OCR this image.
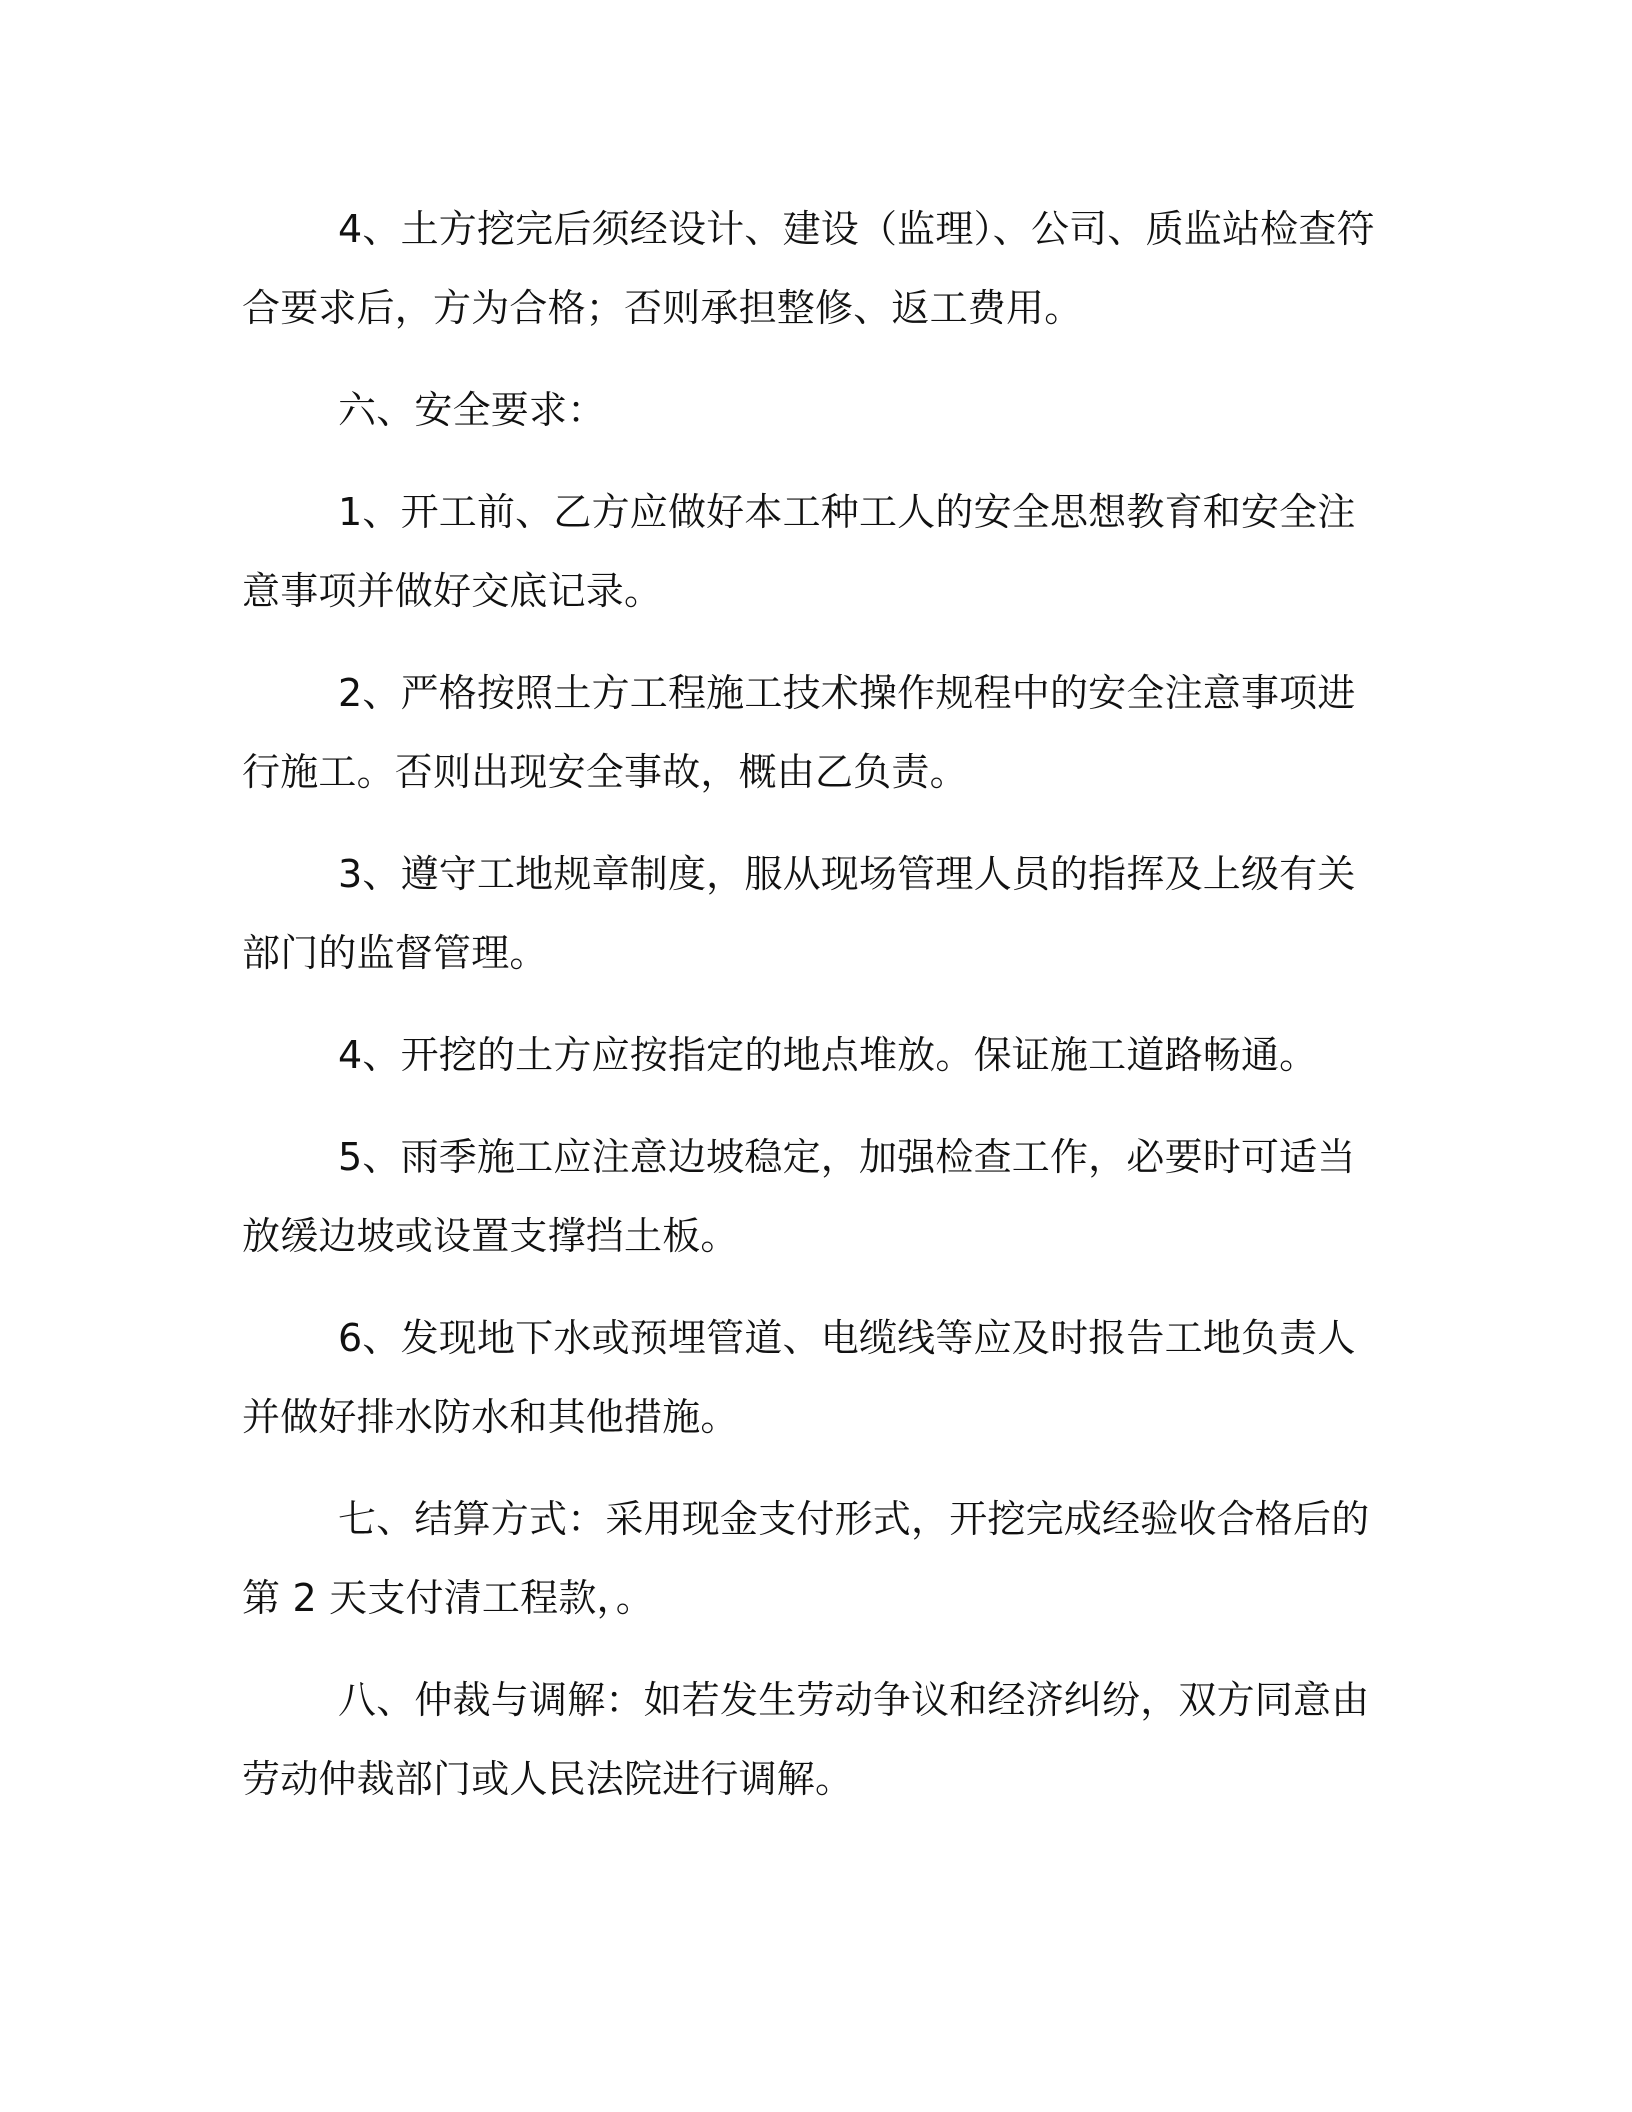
4、土方挖完后须经设计、建设（监理）、公司、质监站检查符合要求后，方为合格；否则承担整修、返工费用。

六、安全要求：

1、开工前、乙方应做好本工种工人的安全思想教育和安全注意事项并做好交底记录。

2、严格按照土方工程施工技术操作规程中的安全注意事项进行施工。否则出现安全事故，概由乙负责。

3、遵守工地规章制度，服从现场管理人员的指挥及上级有关部门的监督管理。

4、开挖的土方应按指定的地点堆放。保证施工道路畅通。

5、雨季施工应注意边坡稳定，加强检查工作，必要时可适当放缓边坡或设置支撑挡土板。

6、发现地下水或预埋管道、电缆线等应及时报告工地负责人并做好排水防水和其他措施。

七、结算方式：采用现金支付形式，开挖完成经验收合格后的第 2 天支付清工程款，。

八、仲裁与调解：如若发生劳动争议和经济纠纷，双方同意由劳动仲裁部门或人民法院进行调解。
